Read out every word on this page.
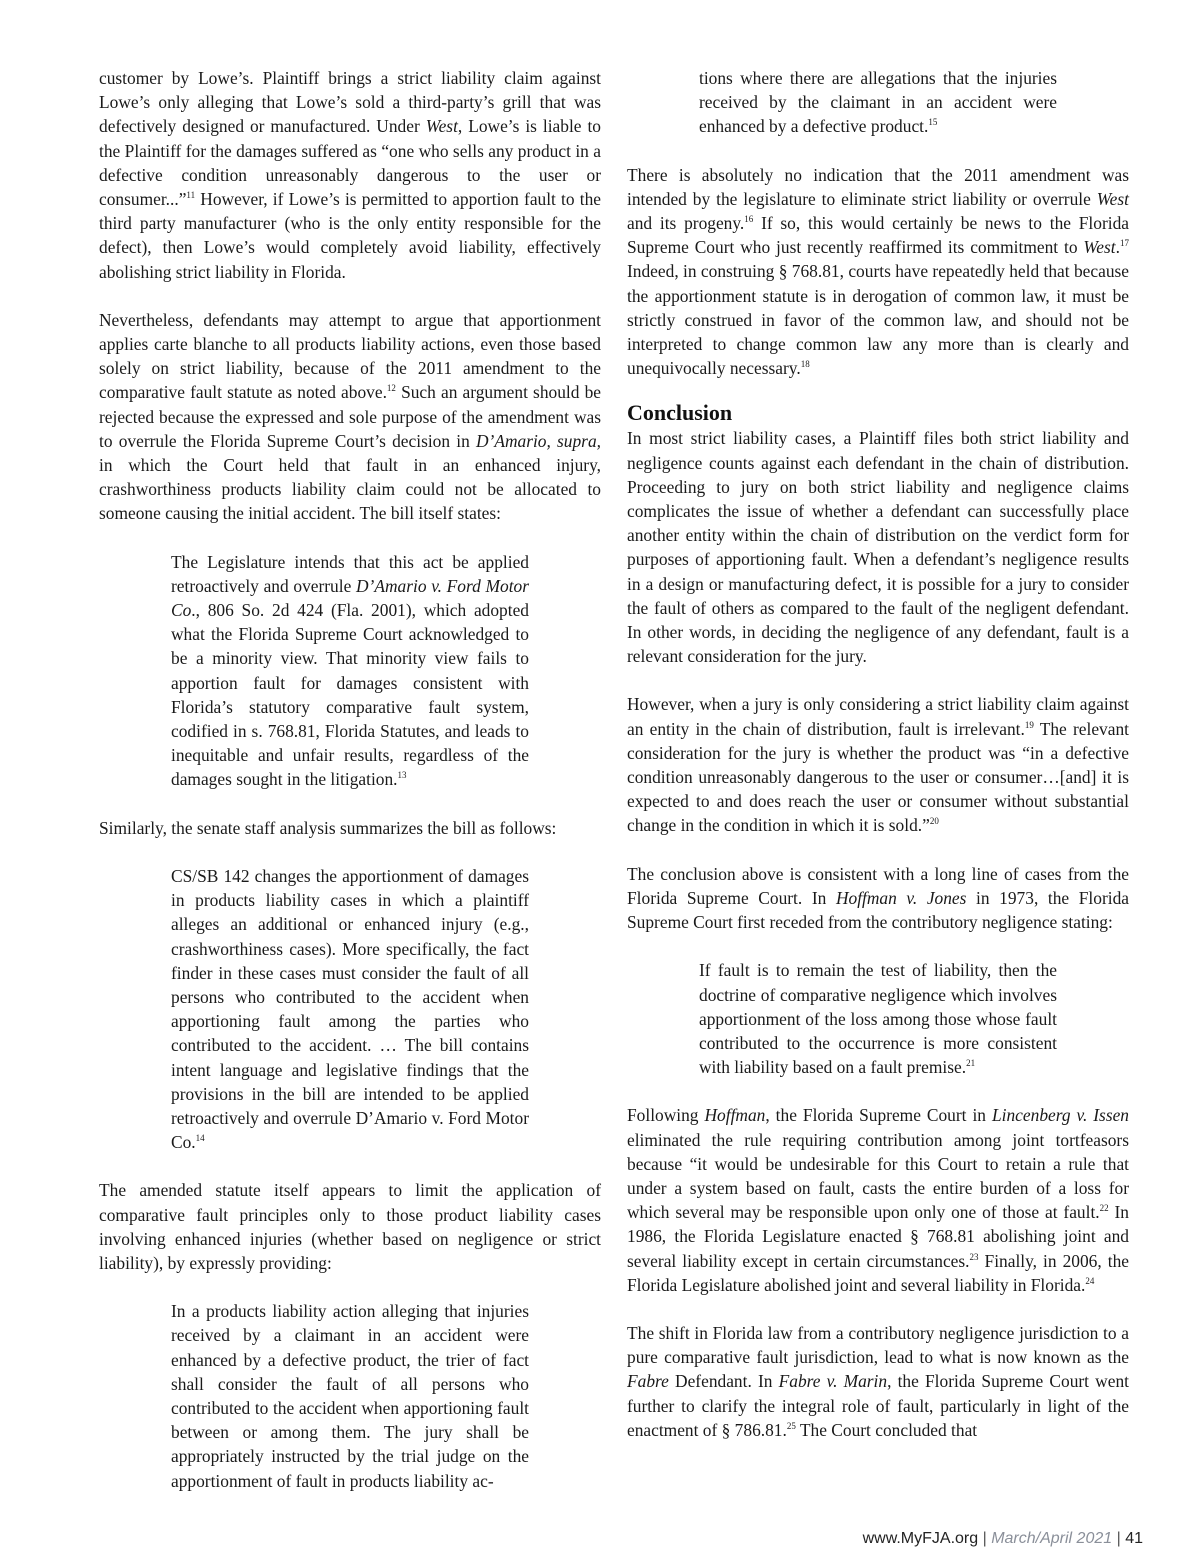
customer by Lowe’s. Plaintiff brings a strict liability claim against Lowe’s only alleging that Lowe’s sold a third-party’s grill that was defectively designed or manufactured. Under West, Lowe’s is liable to the Plaintiff for the damages suffered as “one who sells any product in a defective condition unreasonably dangerous to the user or consumer...”$^{11}$ However, if Lowe’s is permitted to apportion fault to the third party manufacturer (who is the only entity responsible for the defect), then Lowe’s would completely avoid liability, effectively abolishing strict liability in Florida.

Nevertheless, defendants may attempt to argue that apportionment applies carte blanche to all products liability actions, even those based solely on strict liability, because of the 2011 amendment to the comparative fault statute as noted above.$^{12}$ Such an argument should be rejected because the expressed and sole purpose of the amendment was to overrule the Florida Supreme Court’s decision in D’Amario, supra, in which the Court held that fault in an enhanced injury, crashworthiness products liability claim could not be allocated to someone causing the initial accident. The bill itself states:

The Legislature intends that this act be applied retroactively and overrule D’Amario v. Ford Motor Co., 806 So. 2d 424 (Fla. 2001), which adopted what the Florida Supreme Court acknowledged to be a minority view. That minority view fails to apportion fault for damages consistent with Florida’s statutory comparative fault system, codified in s. 768.81, Florida Statutes, and leads to inequitable and unfair results, regardless of the damages sought in the litigation.$^{13}$

Similarly, the senate staff analysis summarizes the bill as follows:

CS/SB 142 changes the apportionment of damages in products liability cases in which a plaintiff alleges an additional or enhanced injury (e.g., crashworthiness cases). More specifically, the fact finder in these cases must consider the fault of all persons who contributed to the accident when apportioning fault among the parties who contributed to the accident. … The bill contains intent language and legislative findings that the provisions in the bill are intended to be applied retroactively and overrule D’Amario v. Ford Motor Co.$^{14}$

The amended statute itself appears to limit the application of comparative fault principles only to those product liability cases involving enhanced injuries (whether based on negligence or strict liability), by expressly providing:

In a products liability action alleging that injuries received by a claimant in an accident were enhanced by a defective product, the trier of fact shall consider the fault of all persons who contributed to the accident when apportioning fault between or among them. The jury shall be appropriately instructed by the trial judge on the apportionment of fault in products liability ac-

tions where there are allegations that the injuries received by the claimant in an accident were enhanced by a defective product.$^{15}$

There is absolutely no indication that the 2011 amendment was intended by the legislature to eliminate strict liability or overrule West and its progeny.$^{16}$ If so, this would certainly be news to the Florida Supreme Court who just recently reaffirmed its commitment to West.$^{17}$ Indeed, in construing § 768.81, courts have repeatedly held that because the apportionment statute is in derogation of common law, it must be strictly construed in favor of the common law, and should not be interpreted to change common law any more than is clearly and unequivocally necessary.$^{18}$

Conclusion

In most strict liability cases, a Plaintiff files both strict liability and negligence counts against each defendant in the chain of distribution. Proceeding to jury on both strict liability and negligence claims complicates the issue of whether a defendant can successfully place another entity within the chain of distribution on the verdict form for purposes of apportioning fault. When a defendant’s negligence results in a design or manufacturing defect, it is possible for a jury to consider the fault of others as compared to the fault of the negligent defendant. In other words, in deciding the negligence of any defendant, fault is a relevant consideration for the jury.

However, when a jury is only considering a strict liability claim against an entity in the chain of distribution, fault is irrelevant.$^{19}$ The relevant consideration for the jury is whether the product was “in a defective condition unreasonably dangerous to the user or consumer…[and] it is expected to and does reach the user or consumer without substantial change in the condition in which it is sold.”$^{20}$

The conclusion above is consistent with a long line of cases from the Florida Supreme Court. In Hoffman v. Jones in 1973, the Florida Supreme Court first receded from the contributory negligence stating:

If fault is to remain the test of liability, then the doctrine of comparative negligence which involves apportionment of the loss among those whose fault contributed to the occurrence is more consistent with liability based on a fault premise.$^{21}$

Following Hoffman, the Florida Supreme Court in Lincenberg v. Issen eliminated the rule requiring contribution among joint tortfeasors because “it would be undesirable for this Court to retain a rule that under a system based on fault, casts the entire burden of a loss for which several may be responsible upon only one of those at fault.$^{22}$ In 1986, the Florida Legislature enacted § 768.81 abolishing joint and several liability except in certain circumstances.$^{23}$ Finally, in 2006, the Florida Legislature abolished joint and several liability in Florida.$^{24}$

The shift in Florida law from a contributory negligence jurisdiction to a pure comparative fault jurisdiction, lead to what is now known as the Fabre Defendant. In Fabre v. Marin, the Florida Supreme Court went further to clarify the integral role of fault, particularly in light of the enactment of § 786.81.25 The Court concluded that

www.MyFJA.org | March/April 2021 | 41
